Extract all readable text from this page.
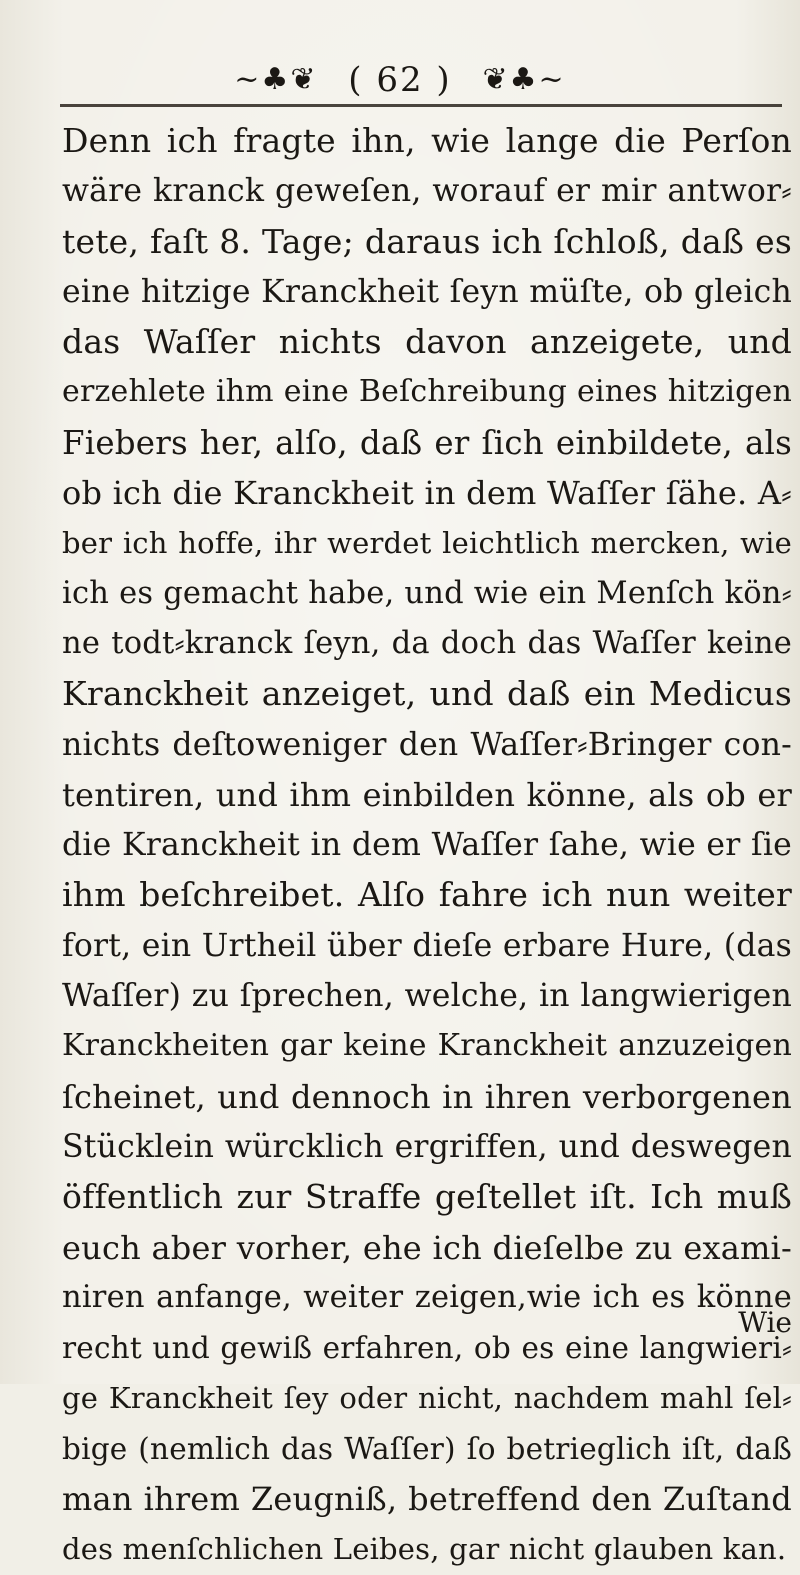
~♣❦ ( 62 ) ❦♣~
Denn ich fragte ihn, wie lange die Perſon
wäre kranck geweſen, worauf er mir antwor⸗
tete, faſt 8. Tage; daraus ich ſchloß, daß es
eine hitzige Kranckheit ſeyn müſte, ob gleich
das Waſſer nichts davon anzeigete, und
erzehlete ihm eine Beſchreibung eines hitzigen
Fiebers her, alſo, daß er ſich einbildete, als
ob ich die Kranckheit in dem Waſſer ſähe. A⸗
ber ich hoffe, ihr werdet leichtlich mercken, wie
ich es gemacht habe, und wie ein Menſch kön⸗
ne todt⸗kranck ſeyn, da doch das Waſſer keine
Kranckheit anzeiget, und daß ein Medicus
nichts deſtoweniger den Waſſer⸗Bringer con-
tentiren, und ihm einbilden könne, als ob er
die Kranckheit in dem Waſſer ſahe, wie er ſie
ihm beſchreibet. Alſo fahre ich nun weiter
fort, ein Urtheil über dieſe erbare Hure, (das
Waſſer) zu ſprechen, welche, in langwierigen
Kranckheiten gar keine Kranckheit anzuzeigen
ſcheinet, und dennoch in ihren verborgenen
Stücklein würcklich ergriffen, und deswegen
öffentlich zur Straffe geſtellet iſt. Ich muß
euch aber vorher, ehe ich dieſelbe zu exami-
niren anfange, weiter zeigen,wie ich es könne
recht und gewiß erfahren, ob es eine langwieri⸗
ge Kranckheit ſey oder nicht, nachdem mahl ſel⸗
bige (nemlich das Waſſer) ſo betrieglich iſt, daß
man ihrem Zeugniß, betreffend den Zuſtand
des menſchlichen Leibes, gar nicht glauben kan.
Wie
